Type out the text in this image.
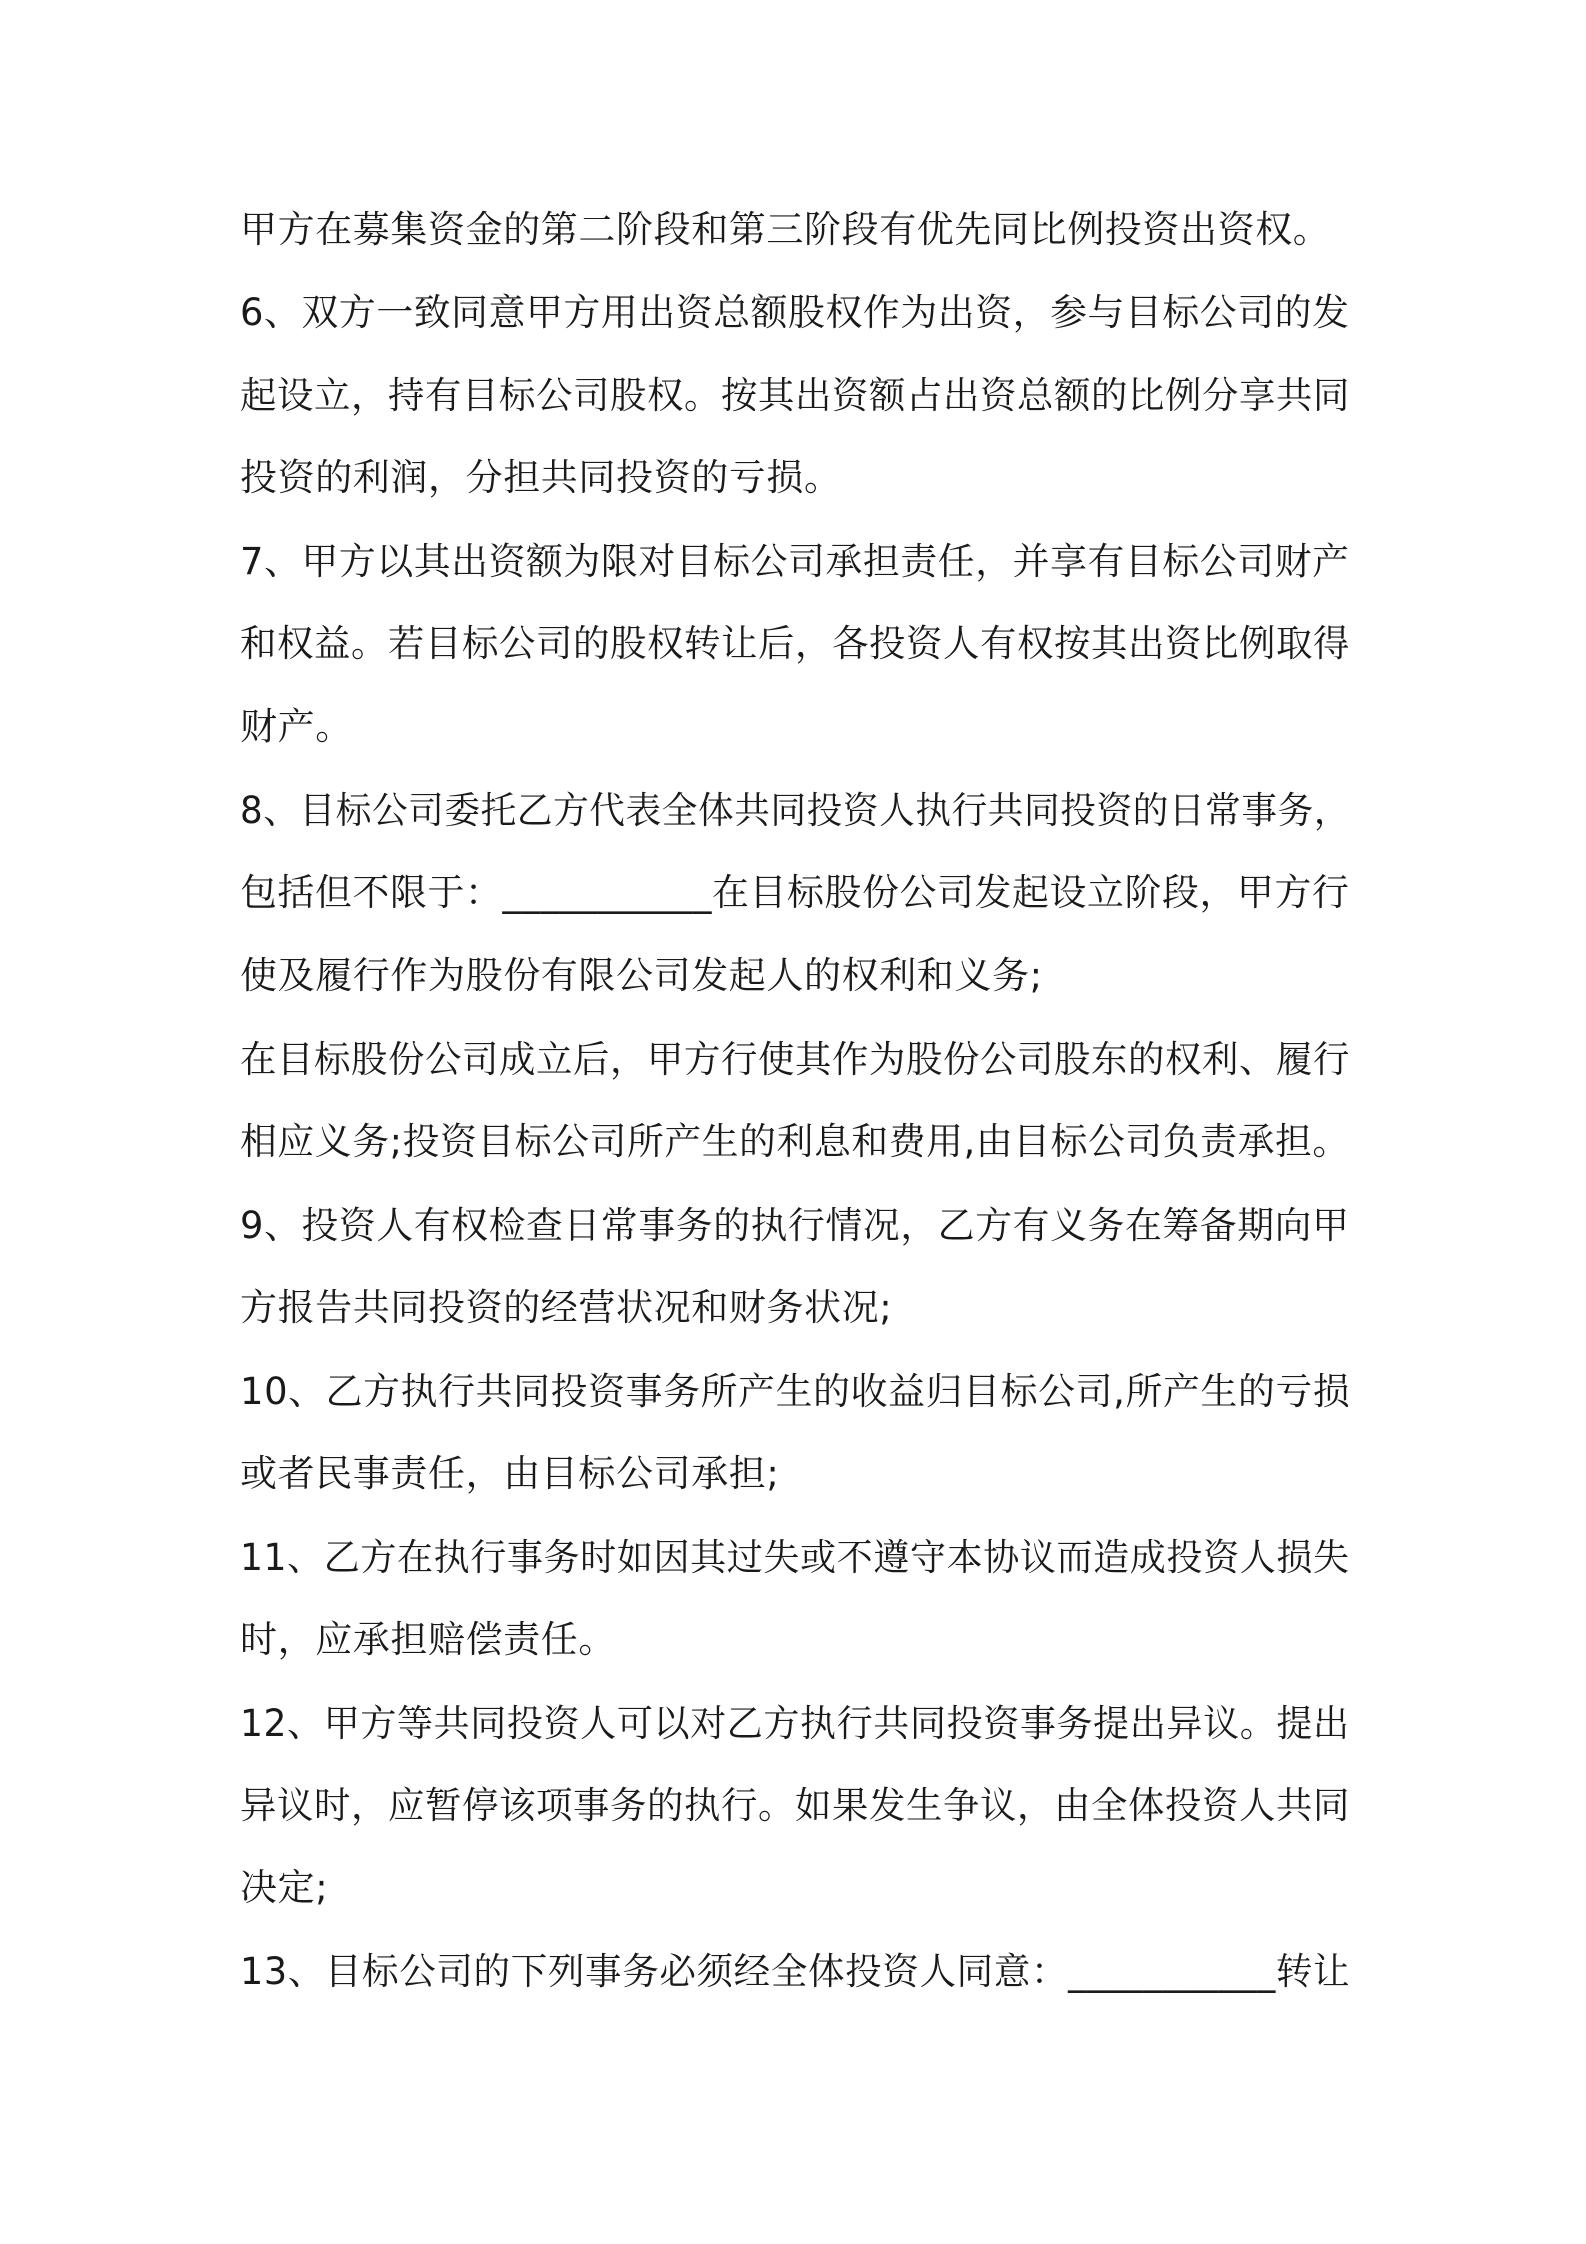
甲方在募集资金的第二阶段和第三阶段有优先同比例投资出资权。

6、双方一致同意甲方用出资总额股权作为出资，参与目标公司的发

起设立，持有目标公司股权。按其出资额占出资总额的比例分享共同

投资的利润，分担共同投资的亏损。

7、甲方以其出资额为限对目标公司承担责任，并享有目标公司财产

和权益。若目标公司的股权转让后，各投资人有权按其出资比例取得

财产。

8、目标公司委托乙方代表全体共同投资人执行共同投资的日常事务，

包括但不限于：___________在目标股份公司发起设立阶段，甲方行

使及履行作为股份有限公司发起人的权利和义务;

在目标股份公司成立后，甲方行使其作为股份公司股东的权利、履行

相应义务;投资目标公司所产生的利息和费用,由目标公司负责承担。

9、投资人有权检查日常事务的执行情况，乙方有义务在筹备期向甲

方报告共同投资的经营状况和财务状况;

10、乙方执行共同投资事务所产生的收益归目标公司,所产生的亏损

或者民事责任，由目标公司承担;

11、乙方在执行事务时如因其过失或不遵守本协议而造成投资人损失

时，应承担赔偿责任。

12、甲方等共同投资人可以对乙方执行共同投资事务提出异议。提出

异议时，应暂停该项事务的执行。如果发生争议，由全体投资人共同

决定;

13、目标公司的下列事务必须经全体投资人同意：___________转让
